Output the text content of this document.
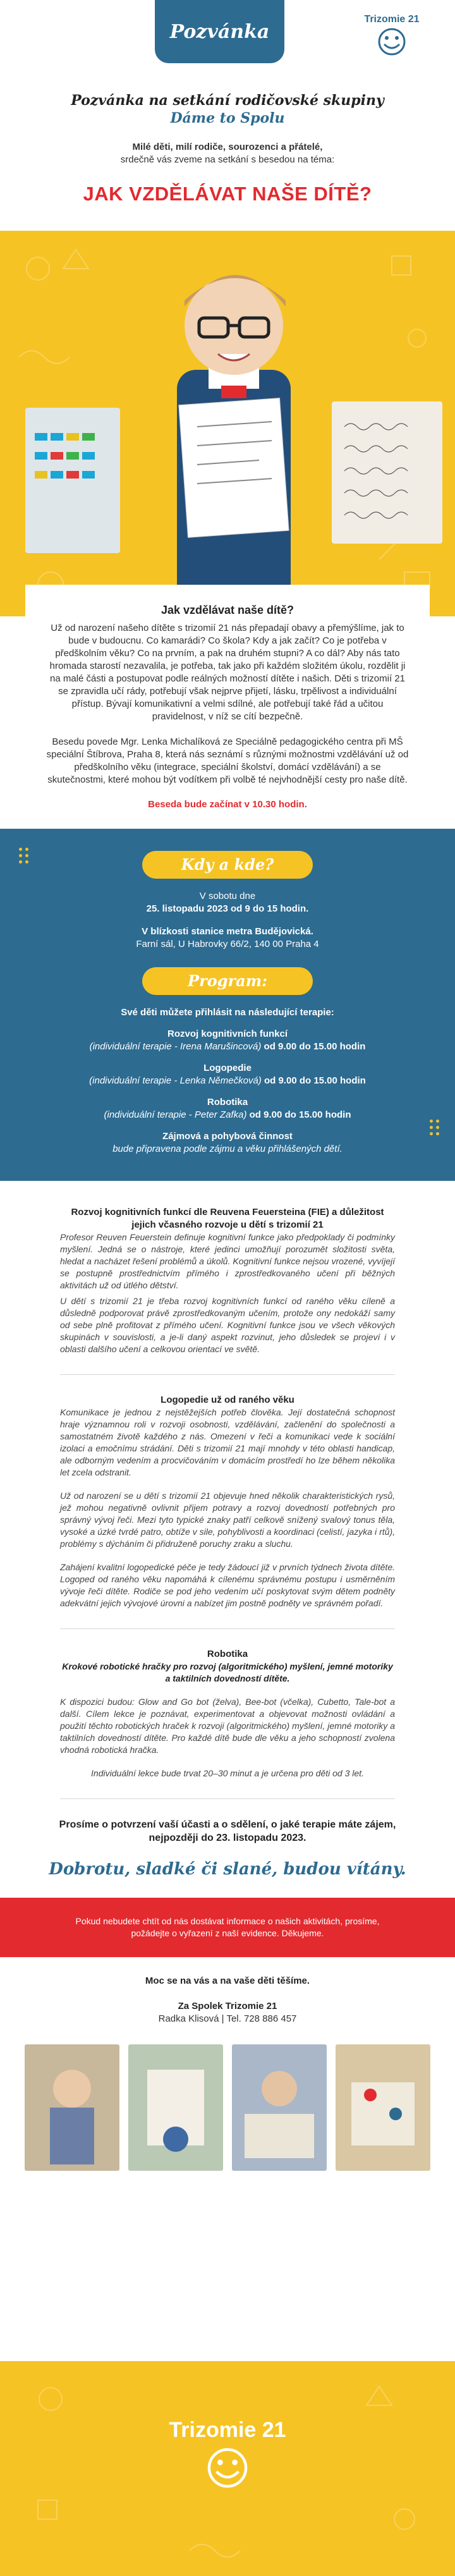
Pozvánka
Trizomie 21
Pozvánka na setkání rodičovské skupiny
Dáme to Spolu
Milé děti, milí rodiče, sourozenci a přátelé,
srdečně vás zveme na setkání s besedou na téma:
JAK VZDĚLÁVAT NAŠE DÍTĚ?
Jak vzdělávat naše dítě?

Už od narození našeho dítěte s trizomií 21 nás přepadají obavy a přemýšlíme, jak to bude v budoucnu. Co kamarádi? Co škola? Kdy a jak začít? Co je potřeba v předškolním věku? Co na prvním, a pak na druhém stupni? A co dál? Aby nás tato hromada starostí nezavalila, je potřeba, tak jako při každém složitém úkolu, rozdělit ji na malé části a postupovat podle reálných možností dítěte i našich. Děti s trizomií 21 se zpravidla učí rády, potřebují však nejprve přijetí, lásku, trpělivost a individuální přístup. Bývají komunikativní a velmi sdílné, ale potřebují také řád a učitou pravidelnost, v níž se cítí bezpečně.

Besedu povede Mgr. Lenka Michalíková ze Speciálně pedagogického centra při MŠ speciální Štíbrova, Praha 8, která nás seznámí s různými možnostmi vzdělávání už od předškolního věku (integrace, speciální školství, domácí vzdělávání) a se skutečnostmi, které mohou být vodítkem při volbě té nejvhodnější cesty pro naše dítě.

Beseda bude začínat v 10.30 hodin.
Kdy a kde?
V sobotu dne
25. listopadu 2023 od 9 do 15 hodin.
V blízkosti stanice metra Budějovická.
Farní sál, U Habrovky 66/2, 140 00 Praha 4
Program:
Své děti můžete přihlásit na následující terapie:
Rozvoj kognitivních funkcí
(individuální terapie - Irena Marušincová) od 9.00 do 15.00 hodin
Logopedie
(individuální terapie - Lenka Němečková) od 9.00 do 15.00 hodin
Robotika
(individuální terapie - Peter Zafka) od 9.00 do 15.00 hodin
Zájmová a pohybová činnost
bude připravena podle zájmu a věku přihlášených dětí.
Rozvoj kognitivních funkcí dle Reuvena Feuersteina (FIE) a důležitost jejich včasného rozvoje u dětí s trizomií 21
Profesor Reuven Feuerstein definuje kognitivní funkce jako předpoklady či podmínky myšlení. Jedná se o nástroje, které jedinci umožňují porozumět složitosti světa, hledat a nacházet řešení problémů a úkolů. Kognitivní funkce nejsou vrozené, vyvíjejí se postupně prostřednictvím přímého i zprostředkovaného učení při běžných aktivitách už od útlého dětství.
U dětí s trizomií 21 je třeba rozvoj kognitivních funkcí od raného věku cíleně a důsledně podporovat právě zprostředkovaným učením, protože ony nedokáží samy od sebe plně profitovat z přímého učení. Kognitivní funkce jsou ve všech věkových skupinách v souvislosti, a je-li daný aspekt rozvinut, jeho důsledek se projeví i v oblasti dalšího učení a celkovou orientací ve světě.
Logopedie už od raného věku
Komunikace je jednou z nejstěžejších potřeb člověka. Její dostatečná schopnost hraje významnou roli v rozvoji osobnosti, vzdělávání, začlenění do společnosti a samostatném životě každého z nás. Omezení v řeči a komunikaci vede k sociální izolaci a emočnímu strádání. Děti s trizomií 21 mají mnohdy v této oblasti handicap, ale odborným vedením a procvičováním v domácím prostředí ho lze během několika let zcela odstranit.
Už od narození se u dětí s trizomií 21 objevuje hned několik charakteristických rysů, jež mohou negativně ovlivnit přijem potravy a rozvoj dovedností potřebných pro správný vývoj řeči. Mezi tyto typické znaky patří celkově snížený svalový tonus těla, vysoké a úzké tvrdé patro, obtíže v sile, pohyblivosti a koordinaci (celistí, jazyka i rtů), problémy s dýcháním či přidruženě poruchy zraku a sluchu.
Zahájení kvalitní logopedické péče je tedy žádoucí již v prvních týdnech života dítěte. Logoped od raného věku napomáhá k cílenému správnému postupu i usměrněním vývoje řeči dítěte. Rodiče se pod jeho vedením učí poskytovat svým dětem podněty adekvátní jejich vývojové úrovni a nabízet jim postně podněty ve správném pořadí.
Robotika
Krokové robotické hračky pro rozvoj (algoritmického) myšlení, jemné motoriky a taktilních dovedností dítěte.
K dispozici budou: Glow and Go bot (želva), Bee-bot (včelka), Cubetto, Tale-bot a další. Cílem lekce je poznávat, experimentovat a objevovat možnosti ovládání a použití těchto robotických hraček k rozvoji (algoritmického) myšlení, jemné motoriky a taktilních dovedností dítěte. Pro každé dítě bude dle věku a jeho schopností zvolena vhodná robotická hračka.
Individuální lekce bude trvat 20–30 minut a je určena pro děti od 3 let.
Prosíme o potvrzení vaší účasti a o sdělení, o jaké terapie máte zájem, nejpozději do 23. listopadu 2023.
Dobrotu, sladké či slané, budou vítány.
Pokud nebudete chtít od nás dostávat informace o našich aktivitách, prosíme, požádejte o vyřazení z naší evidence. Děkujeme.
Moc se na vás a na vaše děti těšíme.
Za Spolek Trizomie 21
Radka Klisová | Tel. 728 886 457
Trizomie 21
